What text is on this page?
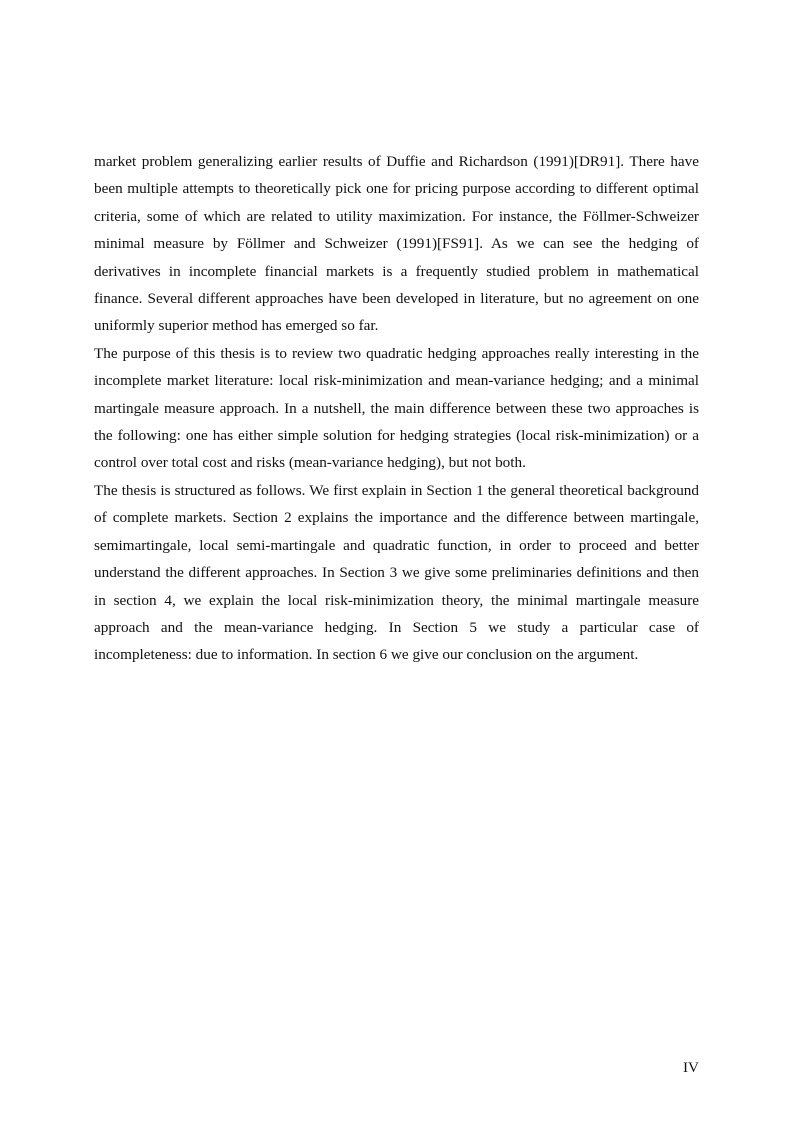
market problem generalizing earlier results of Duffie and Richardson (1991)[DR91]. There have been multiple attempts to theoretically pick one for pricing purpose according to different optimal criteria, some of which are related to utility maximization. For instance, the Föllmer-Schweizer minimal measure by Föllmer and Schweizer (1991)[FS91]. As we can see the hedging of derivatives in incomplete financial markets is a frequently studied problem in mathematical finance. Several different approaches have been developed in literature, but no agreement on one uniformly superior method has emerged so far.

The purpose of this thesis is to review two quadratic hedging approaches really interesting in the incomplete market literature: local risk-minimization and mean-variance hedging; and a minimal martingale measure approach. In a nutshell, the main difference between these two approaches is the following: one has either simple solution for hedging strategies (local risk-minimization) or a control over total cost and risks (mean-variance hedging), but not both.

The thesis is structured as follows. We first explain in Section 1 the general theoretical background of complete markets. Section 2 explains the importance and the difference between martingale, semimartingale, local semi-martingale and quadratic function, in order to proceed and better understand the different approaches. In Section 3 we give some preliminaries definitions and then in section 4, we explain the local risk-minimization theory, the minimal martingale measure approach and the mean-variance hedging. In Section 5 we study a particular case of incompleteness: due to information. In section 6 we give our conclusion on the argument.

IV
